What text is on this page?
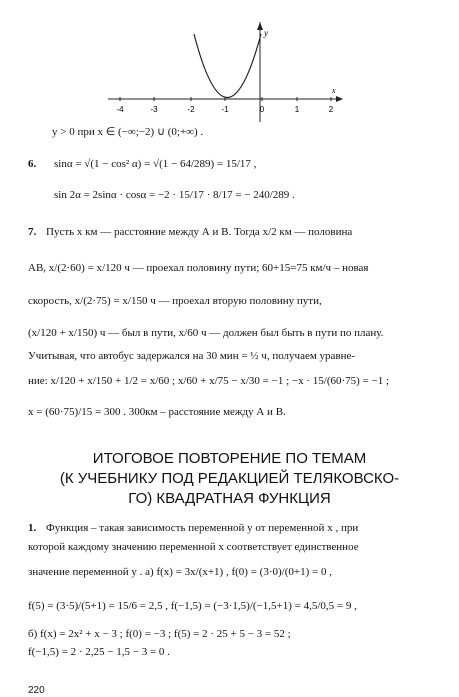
-4	-3	-2	-1	0	1	2
x
y
y > 0 при x ∈ (−∞;−2) ∪ (0;+∞) .
6. sinα = √(1 − cos² α) = √(1 − 64/289) = 15/17 ,
sin 2α = 2sinα · cosα = −2 · 15/17 · 8/17 = − 240/289 .
7. Пусть x км — расстояние между А и В. Тогда x/2 км — половина
АВ, x/(2·60) = x/120 ч — проехал половину пути; 60+15=75 км/ч – новая
скорость, x/(2·75) = x/150 ч — проехал вторую половину пути,
(x/120 + x/150) ч — был в пути, x/60 ч — должен был быть в пути по плану.
Учитывая, что автобус задержался на 30 мин = ½ ч, получаем уравне-
ние: x/120 + x/150 + 1/2 = x/60 ; x/60 + x/75 − x/30 = −1 ; −x · 15/(60·75) = −1 ;
x = (60·75)/15 = 300 . 300км – расстояние между А и В.
ИТОГОВОЕ ПОВТОРЕНИЕ ПО ТЕМАМ
(К УЧЕБНИКУ ПОД РЕДАКЦИЕЙ ТЕЛЯКОВСКО-
ГО) КВАДРАТНАЯ ФУНКЦИЯ
1. Функция – такая зависимость переменной y от переменной x , при
которой каждому значению переменной x соответствует единственное
значение переменной y . а) f(x) = 3x/(x+1) , f(0) = (3·0)/(0+1) = 0 ,
f(5) = (3·5)/(5+1) = 15/6 = 2,5 , f(−1,5) = (−3·1,5)/(−1,5+1) = 4,5/0,5 = 9 ,
б) f(x) = 2x² + x − 3 ; f(0) = −3 ; f(5) = 2 · 25 + 5 − 3 = 52 ;
f(−1,5) = 2 · 2,25 − 1,5 − 3 = 0 .
220
